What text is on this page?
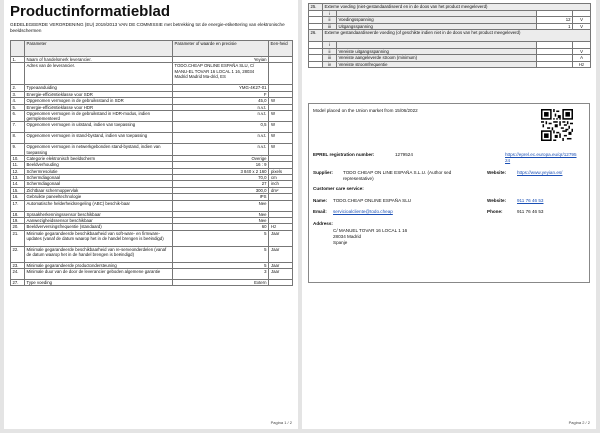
Productinformatieblad
GEDELEGEERDE VERORDENING (EU) 2019/2013 VAN DE COMMISSIE met betrekking tot de energie-etikettering van elektronische beeldschermen
	Parameter	Parameter of waarde en precisie	Een-heid
1.	Naam of handelsmerk leverancier.	Yeyian	
	Adres van de leverancier.	TODO.CHEAP ONLINE ESPAÑA SLU, C/ MANU-EL TOVAR 16 LOCAL 1 16, 28034 Madrid Madrid Ma-drid, ES	
2.	Typeaanduiding	YMG-4K27-01	
3.	Energie-efficiëntieklasse voor SDR	F	
4.	Opgenomen vermogen in de gebruiksstand in SDR	45,0	W
5.	Energie-efficiëntieklasse voor HDR	n.v.t.	
6.	Opgenomen vermogen in de gebruikstand in HDR-modus, indien geïmplementeerd	n.v.t.	W
7.	Opgenomen vermogen in uitstand, indien van toepassing	0,5	W
8.	Opgenomen vermogen in stand-bystand, indien van toepassing	n.v.t.	W
9.	Opgenomen vermogen in netwerkgebonden stand-bystand, indien van toepassing	n.v.t.	W
10.	Categorie elektronisch beeldscherm	Overige	
11.	Beeldverhouding	16 : 9	
12.	Schermresolutie	3 840 x 2 160	pixels
13.	Schermdiagonaal	70,0	cm
14.	Schermdiagonaal	27	inch
15.	Zichtbaar schermoppervlak	300,0	dm²
16.	Gebruikte paneeltechnologie	IPS	
17.	Automatische helderheidsregeling (ABC) beschik-baar	Nee	
18.	Spraakherkenningssensor beschikbaar	Nee	
19.	Aanwezigheidssensor beschikbaar	Nee	
20.	Beeldverversingsfrequentie (standaard)	60	Hz
21.	Minimale gegarandeerde beschikbaarheid van soft-ware- en firmware-updates (vanaf de datum waarop het in de handel brengen is beëindigd)	5	Jaar
22.	Minimale gegarandeerde beschikbaarheid van re-serveonderdelen (vanaf de datum waarop het in de handel brengen is beëindigd)	5	Jaar
23.	Minimale gegarandeerde productondersteuning	5	Jaar
24.	Minimale duur van de door de leverancier geboden algemene garantie	3	Jaar
27.	Type voeding	Extern	
Pagina 1 / 2
25.	Externe voeding (niet-gestandaardiseerd en in de doos van het product meegeleverd)			
	i			
	ii	Voedingsspanning	12	V
	iii	Uitgangsspanning	1	V
26.	Externe gestandaardiseerde voeding (of geschikte indien niet in de doos van het product meegeleverd)			
	i			
	ii	Vereiste uitgangsspanning		V
	iii	Vereiste aangeleverde stroom (minimum)		A
	iv	Vereiste stroomfrequentie		Hz
Model placed on the Union market from 15/06/2022
EPREL registration number:	1279524	https://eprel.ec.europa.eu/qr/1279524
Supplier: TODO CHEAP ON LINE ESPAÑA S.L.U. (Author sed representative)
Website: https://www.yeyian.es/
Customer care service:
Name: TODO.CHEAP ONLINE ESPAÑA SLU	Website: 911 76 46 53
Email: servicioalcliente@todo.cheap	Phone:	911 76 46 53
Address:
C/ MANUEL TOVAR 16 LOCAL 1 16
28034 Madrid
Spanje
Pagina 2 / 2
